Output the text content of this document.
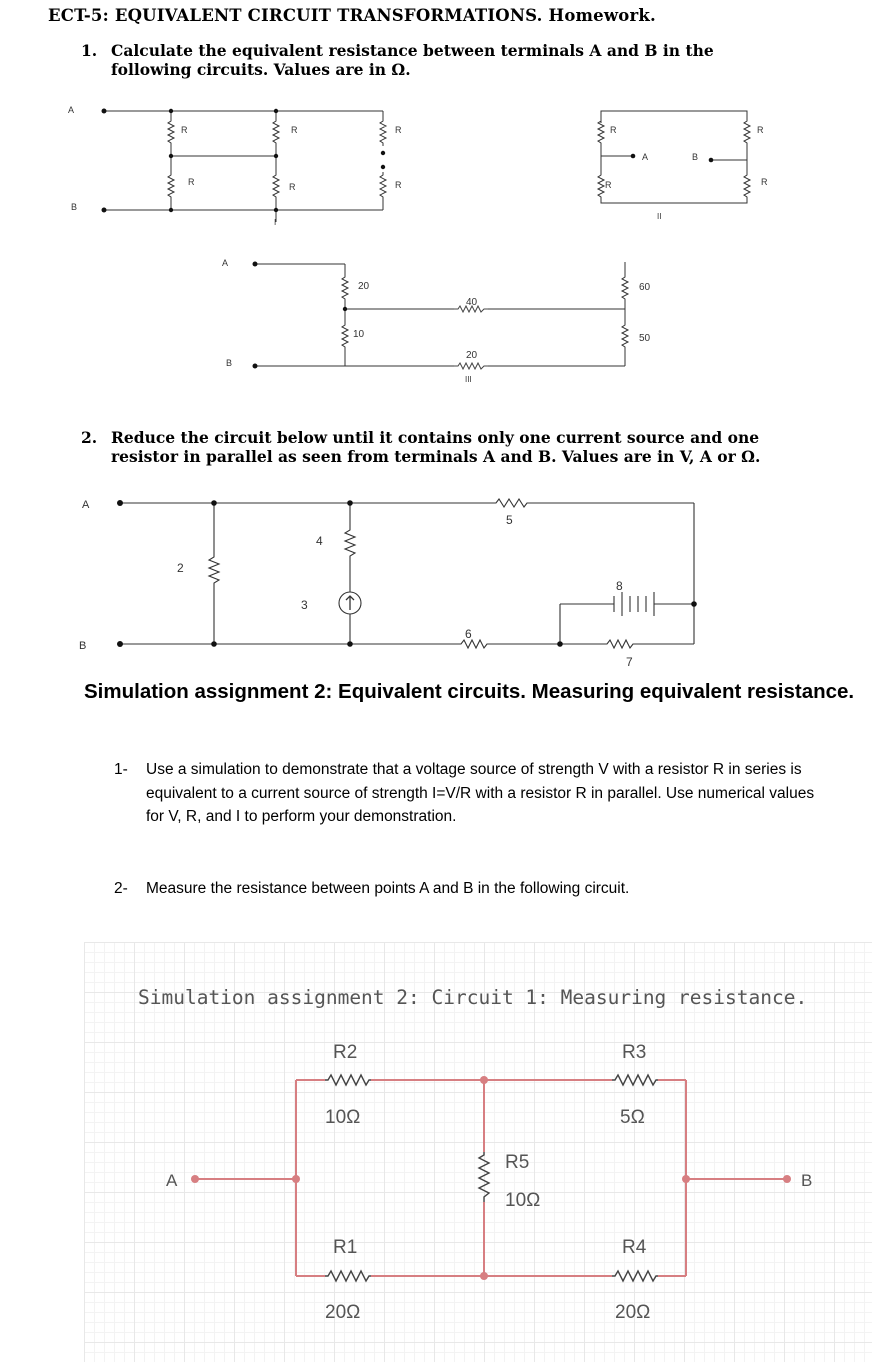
ECT-5: EQUIVALENT CIRCUIT TRANSFORMATIONS. Homework.
1. Calculate the equivalent resistance between terminals A and B in the
following circuits. Values are in Ω.
A
B
R
R
R
R
R
R
I
R
R
R
R
A	B
II
A
B
20
10
40
20
60
50
III
2. Reduce the circuit below until it contains only one current source and one
resistor in parallel as seen from terminals A and B. Values are in V, A or Ω.
A
B
2
4
3
5
6
8
7
Simulation assignment 2: Equivalent circuits. Measuring equivalent resistance.
1- Use a simulation to demonstrate that a voltage source of strength V with a resistor R in series is
equivalent to a current source of strength I=V/R with a resistor R in parallel. Use numerical values
for V, R, and I to perform your demonstration.
2- Measure the resistance between points A and B in the following circuit.
Simulation assignment 2: Circuit 1: Measuring resistance.
A	B
R2
10Ω
R3
5Ω
R5
10Ω
R1
20Ω
R4
20Ω
